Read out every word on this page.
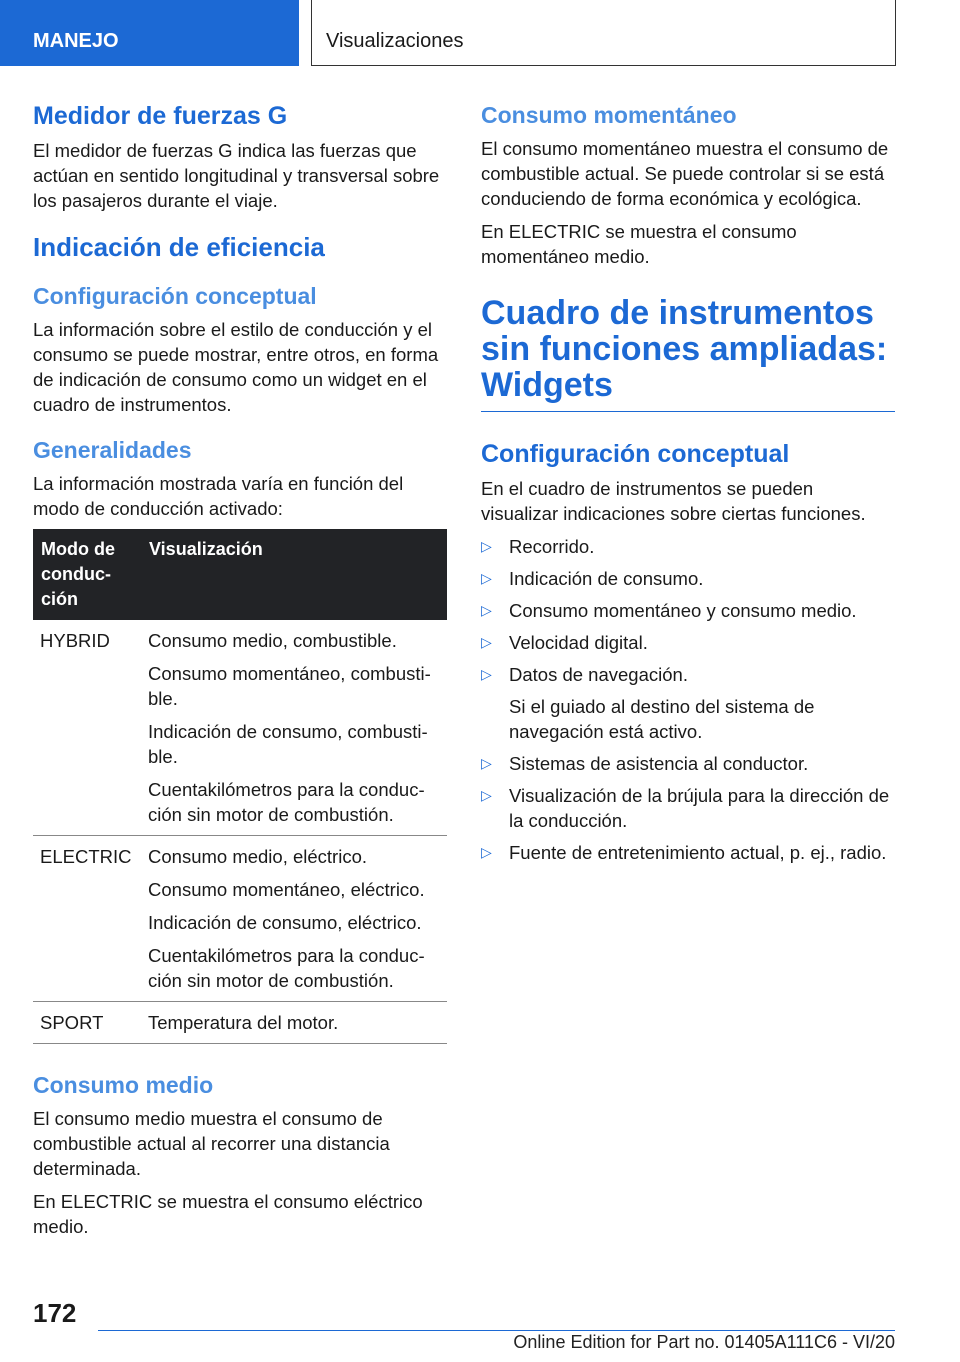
MANEJO	Visualizaciones
Medidor de fuerzas G

El medidor de fuerzas G indica las fuerzas que actúan en sentido longitudinal y transversal sobre los pasajeros durante el viaje.

Indicación de eficiencia
Configuración conceptual

La información sobre el estilo de conducción y el consumo se puede mostrar, entre otros, en forma de indicación de consumo como un widget en el cuadro de instrumentos.

Generalidades

La información mostrada varía en función del modo de conducción activado:

Modo de conducción	Visualización
HYBRID	Consumo medio, combustible.

Consumo momentáneo, combustible.

Indicación de consumo, combustible.

Cuentakilómetros para la conducción sin motor de combustión.

ELECTRIC	Consumo medio, eléctrico.

Consumo momentáneo, eléctrico.

Indicación de consumo, eléctrico.

Cuentakilómetros para la conducción sin motor de combustión.

SPORT	Temperatura del motor.

Consumo medio

El consumo medio muestra el consumo de combustible actual al recorrer una distancia determinada.

En ELECTRIC se muestra el consumo eléctrico medio.

Consumo momentáneo

El consumo momentáneo muestra el consumo de combustible actual. Se puede controlar si se está conduciendo de forma económica y ecológica.

En ELECTRIC se muestra el consumo momentáneo medio.

Cuadro de instrumentos sin funciones ampliadas: Widgets
Configuración conceptual

En el cuadro de instrumentos se pueden visualizar indicaciones sobre ciertas funciones.

▷ Recorrido.
▷ Indicación de consumo.
▷ Consumo momentáneo y consumo medio.
▷ Velocidad digital.
▷ Datos de navegación.
Si el guiado al destino del sistema de navegación está activo.
▷ Sistemas de asistencia al conductor.
▷ Visualización de la brújula para la dirección de la conducción.
▷ Fuente de entretenimiento actual, p. ej., radio.
172
Online Edition for Part no. 01405A111C6 - VI/20
